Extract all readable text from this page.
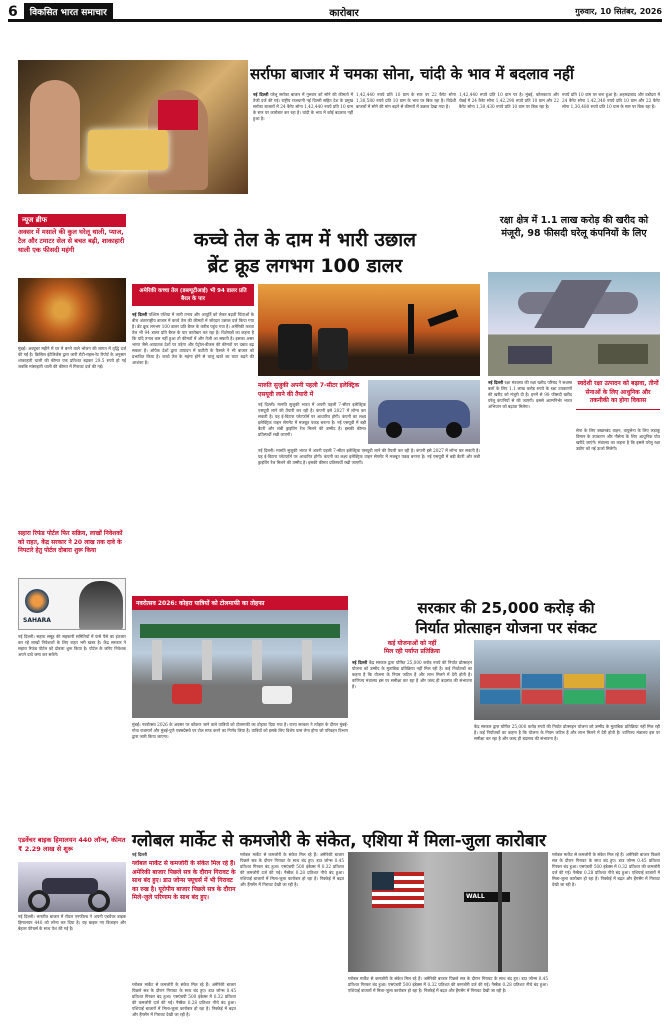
6	विकसित भारत समाचार	कारोबार	गुरुवार, 10 सितंबर, 2026
सर्राफा बाजार में चमका सोना, चांदी के भाव में बदलाव नहीं
नई दिल्ली घरेलू सर्राफा बाजार में गुरुवार को सोने की कीमतों में तेजी दर्ज की गई। राष्ट्रीय राजधानी नई दिल्ली सहित देश के प्रमुख सर्राफा बाजारों में 24 कैरेट सोना 1,42,440 रुपये प्रति 10 ग्राम के स्तर पर कारोबार कर रहा है। चांदी के भाव में कोई बदलाव नहीं हुआ है।
1,42,440 रुपये प्रति 10 ग्राम के स्तर पर 22 कैरेट सोना 1,30,580 रुपये प्रति 10 ग्राम के भाव पर बिक रहा है। विदेशी बाजारों में सोने की मांग बढ़ने से कीमतों में उछाल देखा गया है।
1,42,440 रुपये प्रति 10 ग्राम पर है। मुंबई, कोलकाता और चेन्नई में 24 कैरेट सोना 1,42,290 रुपये प्रति 10 ग्राम और 22 कैरेट सोना 1,30,430 रुपये प्रति 10 ग्राम पर बिक रहा है।
रुपये प्रति 10 ग्राम पर बना हुआ है। अहमदाबाद और वडोदरा में 24 कैरेट सोना 1,42,340 रुपये प्रति 10 ग्राम और 22 कैरेट सोना 1,30,480 रुपये प्रति 10 ग्राम के स्तर पर बिक रहा है।
न्यूज ब्रीफ
अक्सर में मसाले की कुल घरेलू थाली, प्याज, टैल और टमाटर सेल से बचत बढ़ी, शाकाहारी थाली एक फीसदी महंगी
मुंबई। अक्टूबर महीने में घर में बनने वाले भोजन की लागत में वृद्धि दर्ज की गई है। क्रिसिल इंटेलिजेंस द्वारा जारी रोटी-राइस-रेट रिपोर्ट के अनुसार शाकाहारी थाली की कीमत एक प्रतिशत बढ़कर 29.5 रुपये हो गई जबकि मांसाहारी थाली की कीमत में गिरावट दर्ज की गई।
सहारा रिफंड पोर्टल फिर सक्रिय, लाखों निवेशकों को राहत, केंद्र सरकार ने 20 लाख तक दावे के निपटारे हेतु पोर्टल दोबारा शुरू किया
SAHARA
नई दिल्ली। सहारा समूह की सहकारी समितियों में फंसे पैसे का इंतजार कर रहे लाखों निवेशकों के लिए राहत भरी खबर है। केंद्र सरकार ने सहारा रिफंड पोर्टल को दोबारा शुरू किया है। पोर्टल के जरिए निवेशक अपने दावे जमा कर सकेंगे।
एडवेंचर बाइक हिमालयन 440 लॉन्च, कीमत ₹ 2.29 लाख से शुरू
नई दिल्ली। भारतीय बाजार में रॉयल एनफील्ड ने अपनी एडवेंचर बाइक हिमालयन 440 को लॉन्च कर दिया है। यह बाइक नए डिजाइन और बेहतर फीचर्स के साथ पेश की गई है।
कच्चे तेल के दाम में भारी उछाल
ब्रेंट क्रूड लगभग 100 डालर
अमेरिकी कच्चा तेल (डब्ल्यूटीआई) भी 94 डालर प्रति बैरल के पार
नई दिल्ली पश्चिम एशिया में जारी तनाव और आपूर्ति को लेकर बढ़ती चिंताओं के बीच अंतरराष्ट्रीय बाजार में कच्चे तेल की कीमतों में जोरदार उछाल दर्ज किया गया है। ब्रेंट क्रूड लगभग 100 डालर प्रति बैरल के करीब पहुंच गया है। अमेरिकी कच्चा तेल भी 94 डालर प्रति बैरल के पार कारोबार कर रहा है। विशेषज्ञों का कहना है कि यदि तनाव कम नहीं हुआ तो कीमतों में और तेजी आ सकती है। इसका असर भारत जैसे आयातक देशों पर पड़ेगा और पेट्रोल-डीजल की कीमतों पर दबाव बढ़ सकता है। ओपेक देशों द्वारा उत्पादन में कटौती के फैसले ने भी बाजार को प्रभावित किया है। कच्चे तेल के महंगा होने से चालू खाते का घाटा बढ़ने की आशंका है।
मारुति सुजुकी अपनी पहली 7-सीटर इलेक्ट्रिक एसयूवी लाने की तैयारी में
नई दिल्ली। मारुति सुजुकी भारत में अपनी पहली 7-सीटर इलेक्ट्रिक एसयूवी लाने की तैयारी कर रही है। कंपनी इसे 2027 में लॉन्च कर सकती है। यह ई-विटारा प्लेटफॉर्म पर आधारित होगी। कंपनी का लक्ष्य इलेक्ट्रिक वाहन सेगमेंट में मजबूत पकड़ बनाना है। नई एसयूवी में बड़ी बैटरी और लंबी ड्राइविंग रेंज मिलने की उम्मीद है। इसकी कीमत प्रतिस्पर्धी रखी जाएगी।
नई दिल्ली। मारुति सुजुकी भारत में अपनी पहली 7-सीटर इलेक्ट्रिक एसयूवी लाने की तैयारी कर रही है। कंपनी इसे 2027 में लॉन्च कर सकती है। यह ई-विटारा प्लेटफॉर्म पर आधारित होगी। कंपनी का लक्ष्य इलेक्ट्रिक वाहन सेगमेंट में मजबूत पकड़ बनाना है। नई एसयूवी में बड़ी बैटरी और लंबी ड्राइविंग रेंज मिलने की उम्मीद है। इसकी कीमत प्रतिस्पर्धी रखी जाएगी।
रक्षा क्षेत्र में 1.1 लाख करोड़ की खरीद को मंजूरी, 98 फीसदी घरेलू कंपनियों के लिए
नई दिल्ली रक्षा मंत्रालय की रक्षा खरीद परिषद ने सशस्त्र बलों के लिए 1.1 लाख करोड़ रुपये के रक्षा उपकरणों की खरीद को मंजूरी दी है। इनमें से 98 फीसदी खरीद घरेलू कंपनियों से की जाएगी। इससे आत्मनिर्भर भारत अभियान को बढ़ावा मिलेगा।
स्वदेशी रक्षा उत्पादन को बढ़ावा, तीनों सेनाओं के लिए आधुनिक और तकनीकी का होगा विकास
सेना के लिए बख्तरबंद वाहन, वायुसेना के लिए लड़ाकू विमान के उपकरण और नौसेना के लिए आधुनिक पोत खरीदे जाएंगे। मंत्रालय का कहना है कि इससे घरेलू रक्षा उद्योग को नई ऊर्जा मिलेगी।
नवरोत्सव 2026: कोहरा यात्रियों को टोलमाफी का तोहफा
मुंबई। नवरोत्सव 2026 के अवसर पर कोंकण जाने वाले यात्रियों को टोलमाफी का तोहफा दिया गया है। राज्य सरकार ने त्योहार के दौरान मुंबई-गोवा राजमार्ग और मुंबई-पुणे एक्सप्रेसवे पर टोल माफ करने का निर्णय लिया है। यात्रियों को इसके लिए विशेष पास लेना होगा जो परिवहन विभाग द्वारा जारी किया जाएगा।
सरकार की 25,000 करोड़ की
निर्यात प्रोत्साहन योजना पर संकट
कई योजनाओं को नहीं
मिल रही पर्याप्त प्रतिक्रिया
नई दिल्ली केंद्र सरकार द्वारा घोषित 25,000 करोड़ रुपये की निर्यात प्रोत्साहन योजना को उम्मीद के मुताबिक प्रतिक्रिया नहीं मिल रही है। कई निर्यातकों का कहना है कि योजना के नियम जटिल हैं और लाभ मिलने में देरी होती है। वाणिज्य मंत्रालय इस पर समीक्षा कर रहा है और जल्द ही बदलाव की संभावना है।
केंद्र सरकार द्वारा घोषित 25,000 करोड़ रुपये की निर्यात प्रोत्साहन योजना को उम्मीद के मुताबिक प्रतिक्रिया नहीं मिल रही है। कई निर्यातकों का कहना है कि योजना के नियम जटिल हैं और लाभ मिलने में देरी होती है। वाणिज्य मंत्रालय इस पर समीक्षा कर रहा है और जल्द ही बदलाव की संभावना है।
ग्लोबल मार्केट से कमजोरी के संकेत, एशिया में मिला-जुला कारोबार
नई दिल्ली
ग्लोबल मार्केट से कमजोरी के संकेत मिल रहे हैं। अमेरिकी बाजार पिछले सत्र के दौरान गिरावट के साथ बंद हुए। डाउ जोन्स फ्यूचर्स में भी गिरावट का रुख है। यूरोपीय बाजार पिछले सत्र के दौरान मिले-जुले परिणाम के साथ बंद हुए।
ग्लोबल मार्केट से कमजोरी के संकेत मिल रहे हैं। अमेरिकी बाजार पिछले सत्र के दौरान गिरावट के साथ बंद हुए। डाउ जोन्स 0.45 प्रतिशत गिरकर बंद हुआ। एसएंडपी 500 इंडेक्स में 0.32 प्रतिशत की कमजोरी दर्ज की गई। नैस्डैक 0.28 प्रतिशत नीचे बंद हुआ। एशियाई बाजारों में मिला-जुला कारोबार हो रहा है। निक्केई में बढ़त और हैंगसेंग में गिरावट देखी जा रही है।
ग्लोबल मार्केट से कमजोरी के संकेत मिल रहे हैं। अमेरिकी बाजार पिछले सत्र के दौरान गिरावट के साथ बंद हुए। डाउ जोन्स 0.45 प्रतिशत गिरकर बंद हुआ। एसएंडपी 500 इंडेक्स में 0.32 प्रतिशत की कमजोरी दर्ज की गई। नैस्डैक 0.28 प्रतिशत नीचे बंद हुआ। एशियाई बाजारों में मिला-जुला कारोबार हो रहा है। निक्केई में बढ़त और हैंगसेंग में गिरावट देखी जा रही है।
WALL
ग्लोबल मार्केट से कमजोरी के संकेत मिल रहे हैं। अमेरिकी बाजार पिछले सत्र के दौरान गिरावट के साथ बंद हुए। डाउ जोन्स 0.45 प्रतिशत गिरकर बंद हुआ। एसएंडपी 500 इंडेक्स में 0.32 प्रतिशत की कमजोरी दर्ज की गई। नैस्डैक 0.28 प्रतिशत नीचे बंद हुआ। एशियाई बाजारों में मिला-जुला कारोबार हो रहा है। निक्केई में बढ़त और हैंगसेंग में गिरावट देखी जा रही है।
ग्लोबल मार्केट से कमजोरी के संकेत मिल रहे हैं। अमेरिकी बाजार पिछले सत्र के दौरान गिरावट के साथ बंद हुए। डाउ जोन्स 0.45 प्रतिशत गिरकर बंद हुआ। एसएंडपी 500 इंडेक्स में 0.32 प्रतिशत की कमजोरी दर्ज की गई। नैस्डैक 0.28 प्रतिशत नीचे बंद हुआ। एशियाई बाजारों में मिला-जुला कारोबार हो रहा है। निक्केई में बढ़त और हैंगसेंग में गिरावट देखी जा रही है।
